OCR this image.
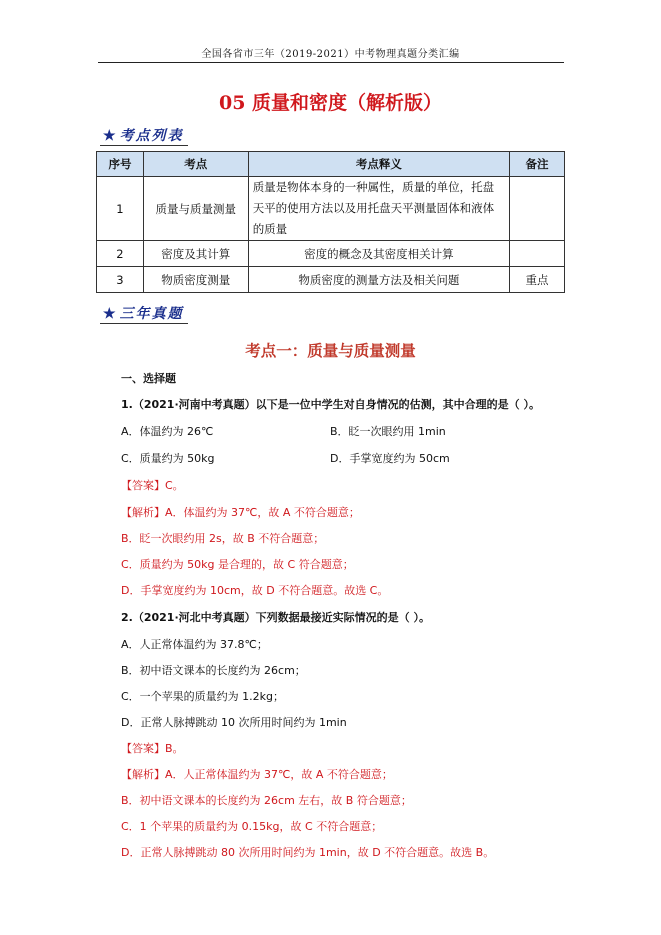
全国各省市三年（2019-2021）中考物理真题分类汇编
05 质量和密度（解析版）
★ 考点列表
序号	考点	考点释义	备注
1	质量与质量测量	质量是物体本身的一种属性，质量的单位，托盘天平的使用方法以及用托盘天平测量固体和液体的质量	
2	密度及其计算	密度的概念及其密度相关计算	
3	物质密度测量	物质密度的测量方法及相关问题	重点
★ 三年真题
考点一：质量与质量测量
一、选择题
1.（2021·河南中考真题）以下是一位中学生对自身情况的估测，其中合理的是（ ）。
A．体温约为 26℃	B．眨一次眼约用 1min
C．质量约为 50kg	D．手掌宽度约为 50cm
【答案】C。
【解析】A．体温约为 37℃，故 A 不符合题意；
B．眨一次眼约用 2s，故 B 不符合题意；
C．质量约为 50kg 是合理的，故 C 符合题意；
D．手掌宽度约为 10cm，故 D 不符合题意。故选 C。
2.（2021·河北中考真题）下列数据最接近实际情况的是（ ）。
A．人正常体温约为 37.8℃；
B．初中语文课本的长度约为 26cm；
C．一个苹果的质量约为 1.2kg；
D．正常人脉搏跳动 10 次所用时间约为 1min
【答案】B。
【解析】A．人正常体温约为 37℃，故 A 不符合题意；
B．初中语文课本的长度约为 26cm 左右，故 B 符合题意；
C．1 个苹果的质量约为 0.15kg，故 C 不符合题意；
D．正常人脉搏跳动 80 次所用时间约为 1min，故 D 不符合题意。故选 B。
